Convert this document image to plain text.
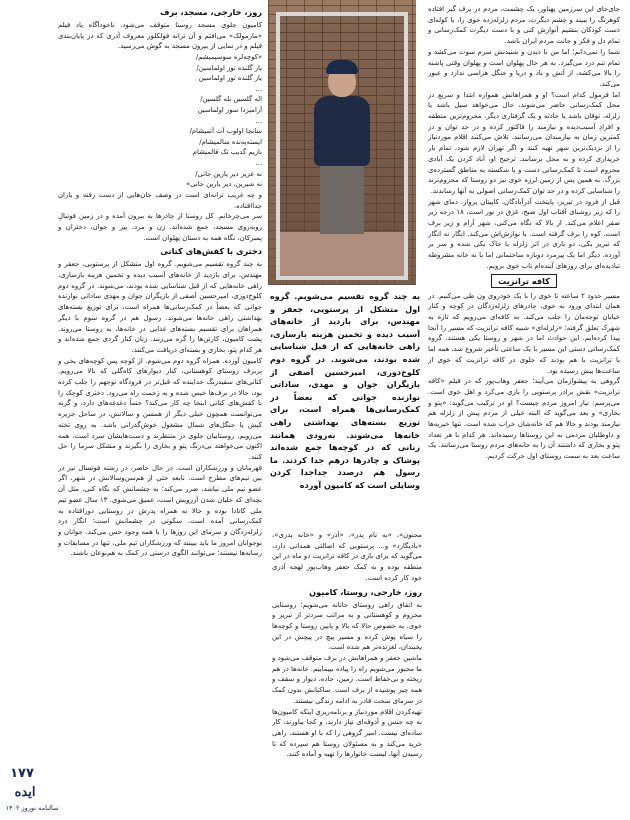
جای‌جای این سرزمین پهناور، یک چشمت، مردم در برف گیر افتاده کوهرنگ را ببیند و چشم دیگرت، مردم زلزله‌زده خوی را، با کوله‌ای دست کودکان بنشیم آنوازش کنی و با دست دیگرت کمک‌رسانی و تمام دل و فکر و جانت مردم ایران باشد.

شما را نمی‌دانم؛ اما من با دیدن و شنیدنش سرم سوت می‌کشد و تمام تنم درد می‌گیرد. به هر حال پهلوان است و پهلوان وقتی پاشنه را بالا می‌کشد، از آتش و باد و دریا و جنگل هراسی ندارد و عبور می‌کند.

اما فرمول کدام است؟ او و همراهانش همواره ابتدا و سریع در محل کمک‌رسانی حاضر می‌شوند، حال می‌خواهد سیل باشد یا زلزله، توفان باشد یا حادثه و یک گرفتاری دیگر. محروم‌ترین منطقه و افرادِ آسیب‌دیده و نیازمند را فاکتور کرده و در حد توان و در کمترین زمان به نیازمندان می‌رسانند. تلاش می‌کنند اقلام موردنیاز را از نزدیک‌ترین شهر تهیه کنند و اگر تهران لازم شود، تمام بار خریداری کرده و به محل برسانند. ترجیح او، آباد کردن یک آبادی محروم است تا کمک‌رسانی دست و پا شکسته به مناطق گسترده‌ی بزرگ. به همین پس از زمین لرزه خوی نیز دو روستا که محروم‌ترند را شناسایی کرده و در حد توان کمک‌رسانی اصولی به آنها رساندند.

قبل از فرود در تبریز، پایتخت آذرآبادگان، کاپیتان پرواز، دمای شهر را که زیر روشنای آفتاب اول صبح، غرق در نور است، ۱۸ درجه زیر صفر اعلام می‌کند. از بالا که نگاه می‌کنی، شهر آرام و زیر برف است. کوه را برف گرفته است. با نوازش‌اش می‌کند. انگار نه انگار که تبریز یکی، دو باری در اثر زلزله با خاک یکی شده و سر بر آورده. دیگر اما یک پیرمرد دوباره ساختمانی اما با نه خانه مشروطه تبادیده‌ای برای روزهای آینده‌ام تاب خوی برویم.

کافه ترانزیت

مسیر حدود ۲ ساعته تا خوی را با یک خودروی ون طی می‌کنیم. در همان ابتدای ورود به خوی، چادرهای زلزله‌زدگان در کوچه و کنار خیابان توجه‌مان را جلب می‌کند. به کافه‌ای می‌رویم که تازه به شهرک تعلق گرفته؛ «زلزله‌ای» شبیه کافه ترانزیت که مسیر را آنجا پیدا کرده‌ایم. این حوادث اما در شهر و روستا یکی هستند. گروه کمک‌رسانی دستی این مسیر با یک ساعتی تأخیر شروع شد. همه اما با ترانزیت با هم بودند که جلوی در کافه ترانزیت که خوی از ساعت‌ها پیش رسیده بود.

گروهی به پیشوازمان می‌آیند؛ جعفر وهاب‌پور که در فیلم «کافه ترانزیت» نقش برادر پرستویی را بازی می‌کرد و اهل خوی است. می‌پرسم: نیاز امروز مردم چیست؟ او در ترکیب می‌گوید: «پتو و بخاری» و بعد می‌گوید که البته خیلی از مردم پیش از زلزله هم نیازمند بودند و حالا هم که خانه‌شان خراب شده است. تنها خیریه‌ها و داوطلبان مردمی به این روستاها رسیده‌اند. هر کدام با هر تعداد پتو و بخاری که داشتند آن را به خانه‌های مردم روستا می‌رسانند. یک ساعت بعد به سمت روستای اول حرکت کردیم.

به چند گروه تقسیم می‌شویم. گروه اول متشکل از پرستویی، جعفر و مهندس، برای بازدید از خانه‌های آسیب دیده و تخمین هزینه بازسازی، راهی خانه‌هایی که از قبل شناسایی شده بودند، می‌شوند. در گروه دوم کلوخ‌دوزی، امیرحسین آصفی از بازیگران جوان و مهدی، ساداتی نوازنده جوانی که بعضاً در کمک‌رسانی‌ها همراه است، برای توزیع بسته‌های بهداشتی راهی خانه‌ها می‌شوند. به‌زودی همانند زنانی که در کوچه‌ها جمع شده‌اند پوشاک و چادرها درهم جدا کردند. ما رسول هم درصدد جداجدا کردن وسایلی است که کامیون آورده

مجنون»، «به نام پدر»، «آذر» و «خانه پدری»، «بادیگارد» و... پرستویی که اصالتی همدانی دارد، می‌گوید که برای بازی در کافه ترانزیت دو ماه در این منطقه بوده و به کمک جعفر وهاب‌پور لهجه آذری خود کار کرده است.

روز، خارجی، روستا، کامیون

به اتفاق راهی روستای خاتانه می‌شویم؛ روستایی محروم و کوهستانی و به مراتب سردتر از تبریز و خوی. به خصوص حالا که بالا و پایین روستا و کوچه‌ها را سیاه پوش کرده و مسیر پیچ در پیچش در این یخبندان، لغزنده‌تر هم شده است.

ماشین جعفر و همراهانش در برف متوقف می‌شود و ما مجبور می‌شویم راه را پیاده بپیماییم. خانه‌ها در هم ریخته و بی‌حفاظ است. زمین، جاده، دیوار و سقف و همه چیز پوشیده از برف است. ساکنانش بدون کمک در سرمای سخت قادر به ادامه زندگی نیستند.

تهیه‌کردن اقلام موردنیاز و برنامه‌ریزی اینکه کامیون‌ها به چه جنس و آذوقه‌ای نیاز دارند، و کجا بیاورند، کار ساده‌ای نیست. امیر گروهی را که با او هستند، راهی خرید می‌کند و به مسئولان روستا هم سپرده که تا رسیدن آنها، لیست خانوارها را تهیه و آماده کنند.

روز، خارجی، مسجد، برف

کامیون جلوی مسجد روستا متوقف می‌شود. ناخودآگاه یاد فیلم «مارمولک» می‌افتم و آن ترانه فولکلور معروف آذری که در پایان‌بندی فیلم و در نمایی از بیرون مسجد به گوش می‌رسید.

«کوچه‌لره سوسپمیشم/

یار گلنده توز اولماسین/

یار گلنده توز اولماسین

...

اله گلسین بله گلسین/

آرامیزدا سوز اولماسین

...

سانجا اولوب آت آتمیشام/

ایسته‌یه‌نده سالمیشام/

بازیم گدیب تک قالمیشام

...

نه عزیز دیر یارین جانی/

نه شیرین، دیر یارین جانی»

و چه غریب ترانه‌ای است در وصف جان‌هایی از دست رفته و یاران جداافتاده.

سر می‌چرخانم. کل روستا از چادرها به بیرون آمده و در زمین فوتبالِ روبه‌روی مسجد، جمع شده‌اند. زن و مرد، پیر و جوان، دختران و پسرکان، نگاه همه به دستان پهلوان است.

دختری با کفش‌های کتانی

به چند گروه تقسیم می‌شویم. گروه اول متشکل از پرستویی، جعفر و مهندس، برای بازدید از خانه‌های آسیب دیده و تخمین هزینه بازسازی، راهی خانه‌هایی که از قبل شناسایی شده بودند، می‌شوند. در گروه دوم کلوخ‌دوزی، امیرحسین آصفی از بازیگران جوان و مهدی ساداتی نوازنده جوانی که بعضاً در کمک‌رسانی‌ها همراه است، برای توزیع بسته‌های بهداشتی راهی خانه‌ها می‌شوند. رسول هم در گروه سوم با دیگر همراهان برای تقسیم بسته‌های غذایی در خانه‌ها، به روستا می‌روند. پشت کامیون، کارتن‌ها را گره می‌زنند. زنان کنار گردی جمع شده‌اند و هر کدام پتو، بخاری و بسته‌ای دریافت می‌کنند.

کامیون آورده. همراه گروه دوم می‌شوم. از کوچه پس کوچه‌های یخی و پربرف روستای کوهستانی، کنار دیوارهای کاه‌گلی که بالا می‌رویم. کتانی‌های سفیدرنگ خداینده که قبل‌تر در فرودگاه توجهم را جلب کرده بود، حالا در برف‌ها خیس شده و به زحمت راه می‌رود. دختری کوچک را با کفش‌های کتانی اینجا چه کار می‌کند؟ حتماً دغدغه‌های دارد، و گرنه می‌توانست همچون خیلی دیگر از همسن و سالانش، در ساحل جزیره کیش یا جنگل‌های شمال مشغول خوش‌گذرانی باشد. به روی تخته می‌رویم. روستاییان جلوی در منتظرند و دست‌هایشان سرد است. همه اکنون می‌خواهند بی‌درنگ پتو و بخاری را بگیرند و مشکل سرما را حل کنند.

قهرمانان و ورزشکاران است. در حال حاضر، در رشته فوتسال نیز در بین تیم‌های مطرح است. نابغه حتی از هم‌سن‌وسالانش در شهر، اگر عضو تیم ملی نباشد، ضرر می‌کند؛ به چشمانش که نگاه کنی، مثل آن بچه‌ای که خلبان شدن آرزویش است، عمیق می‌شوی. ۱۳ سال عضو تیم ملی کانادا بوده و حالا به همراه پدرش در روستایی دورافتاده به کمک‌رسانی آمده است. سکوتی در چشمانش است؛ انگار درد زلزله‌زدگان و سرمای این روزها را با همه وجود حس می‌کند. جوانان و نوجوانان امروز ما باید ببینند که ورزشکاران تیم ملی، تنها در مسابقات و رسانه‌ها نیستند؛ می‌توانند الگوی درستی در کمک به هم‌نوعان باشند.

۱۷۷
ایده
سالنامه نوروز ۱۴۰۲
